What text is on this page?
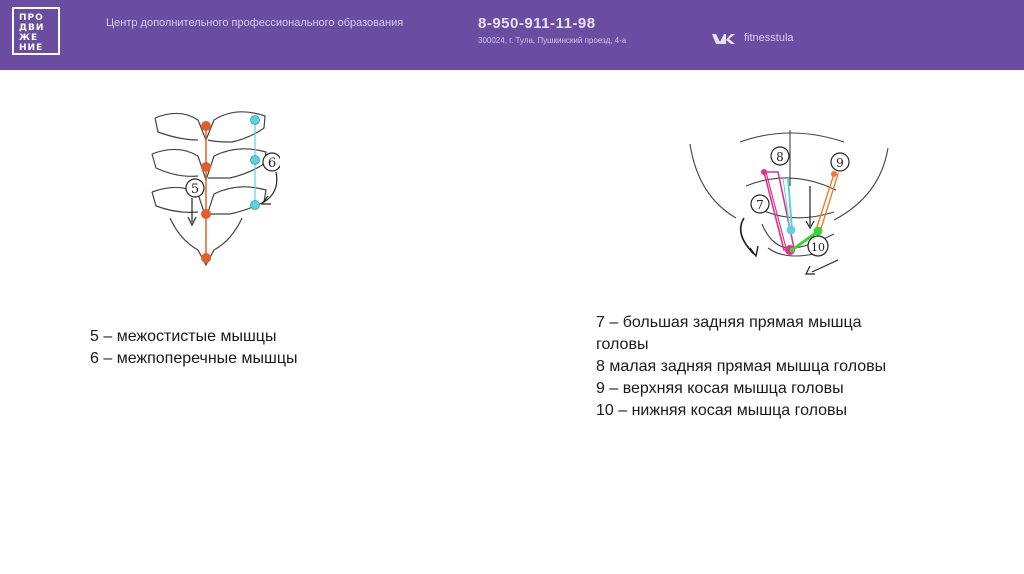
ПРО
ДВИ
ЖЕ
НИЕ
Центр дополнительного профессионального образования	8-950-911-11-98
300024, г. Тула, Пушкинский проезд, 4-а	fitnesstula
5
6	8	9
7
10
5 – межостистые мышцы
6 – межпоперечные мышцы
7 – большая задняя прямая мышца
головы
8 малая задняя прямая мышца головы
9 – верхняя косая мышца головы
10 – нижняя косая мышца головы
